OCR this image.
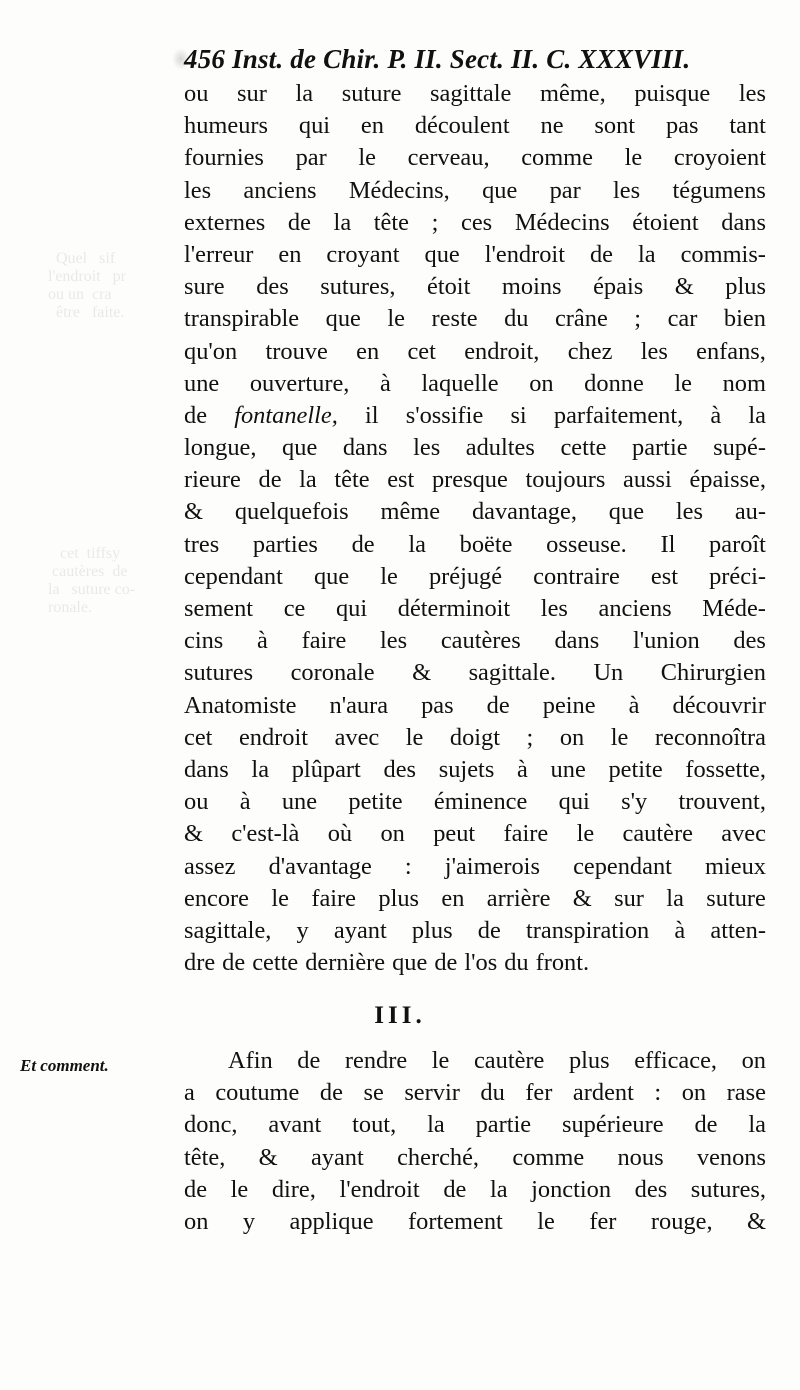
Quel   sif
l'endroit   pr
ou un  cra
être   faite.
cet  tiffsy
cautères  de
la   suture co-
ronale.
456 Inst. de Chir. P. II. Sect. II. C. XXXVIII.
ou sur la suture sagittale même, puisque les
humeurs qui en découlent ne sont pas tant
fournies par le cerveau, comme le croyoient
les anciens Médecins, que par les tégumens
externes de la tête ; ces Médecins étoient dans
l'erreur en croyant que l'endroit de la commis-
sure des sutures, étoit moins épais & plus
transpirable que le reste du crâne ; car bien
qu'on trouve en cet endroit, chez les enfans,
une ouverture, à laquelle on donne le nom
de fontanelle, il s'ossifie si parfaitement, à la
longue, que dans les adultes cette partie supé-
rieure de la tête est presque toujours aussi épaisse,
& quelquefois même davantage, que les au-
tres parties de la boëte osseuse. Il paroît
cependant que le préjugé contraire est préci-
sement ce qui déterminoit les anciens Méde-
cins à faire les cautères dans l'union des
sutures coronale & sagittale. Un Chirurgien
Anatomiste n'aura pas de peine à découvrir
cet endroit avec le doigt ; on le reconnoîtra
dans la plûpart des sujets à une petite fossette,
ou à une petite éminence qui s'y trouvent,
& c'est-là où on peut faire le cautère avec
assez d'avantage : j'aimerois cependant mieux
encore le faire plus en arrière & sur la suture
sagittale, y ayant plus de transpiration à atten-
dre de cette dernière que de l'os du front.
III.
Et comment.	Afin de rendre le cautère plus efficace, on
a coutume de se servir du fer ardent : on rase
donc, avant tout, la partie supérieure de la
tête, & ayant cherché, comme nous venons
de le dire, l'endroit de la jonction des sutures,
on y applique fortement le fer rouge, &
